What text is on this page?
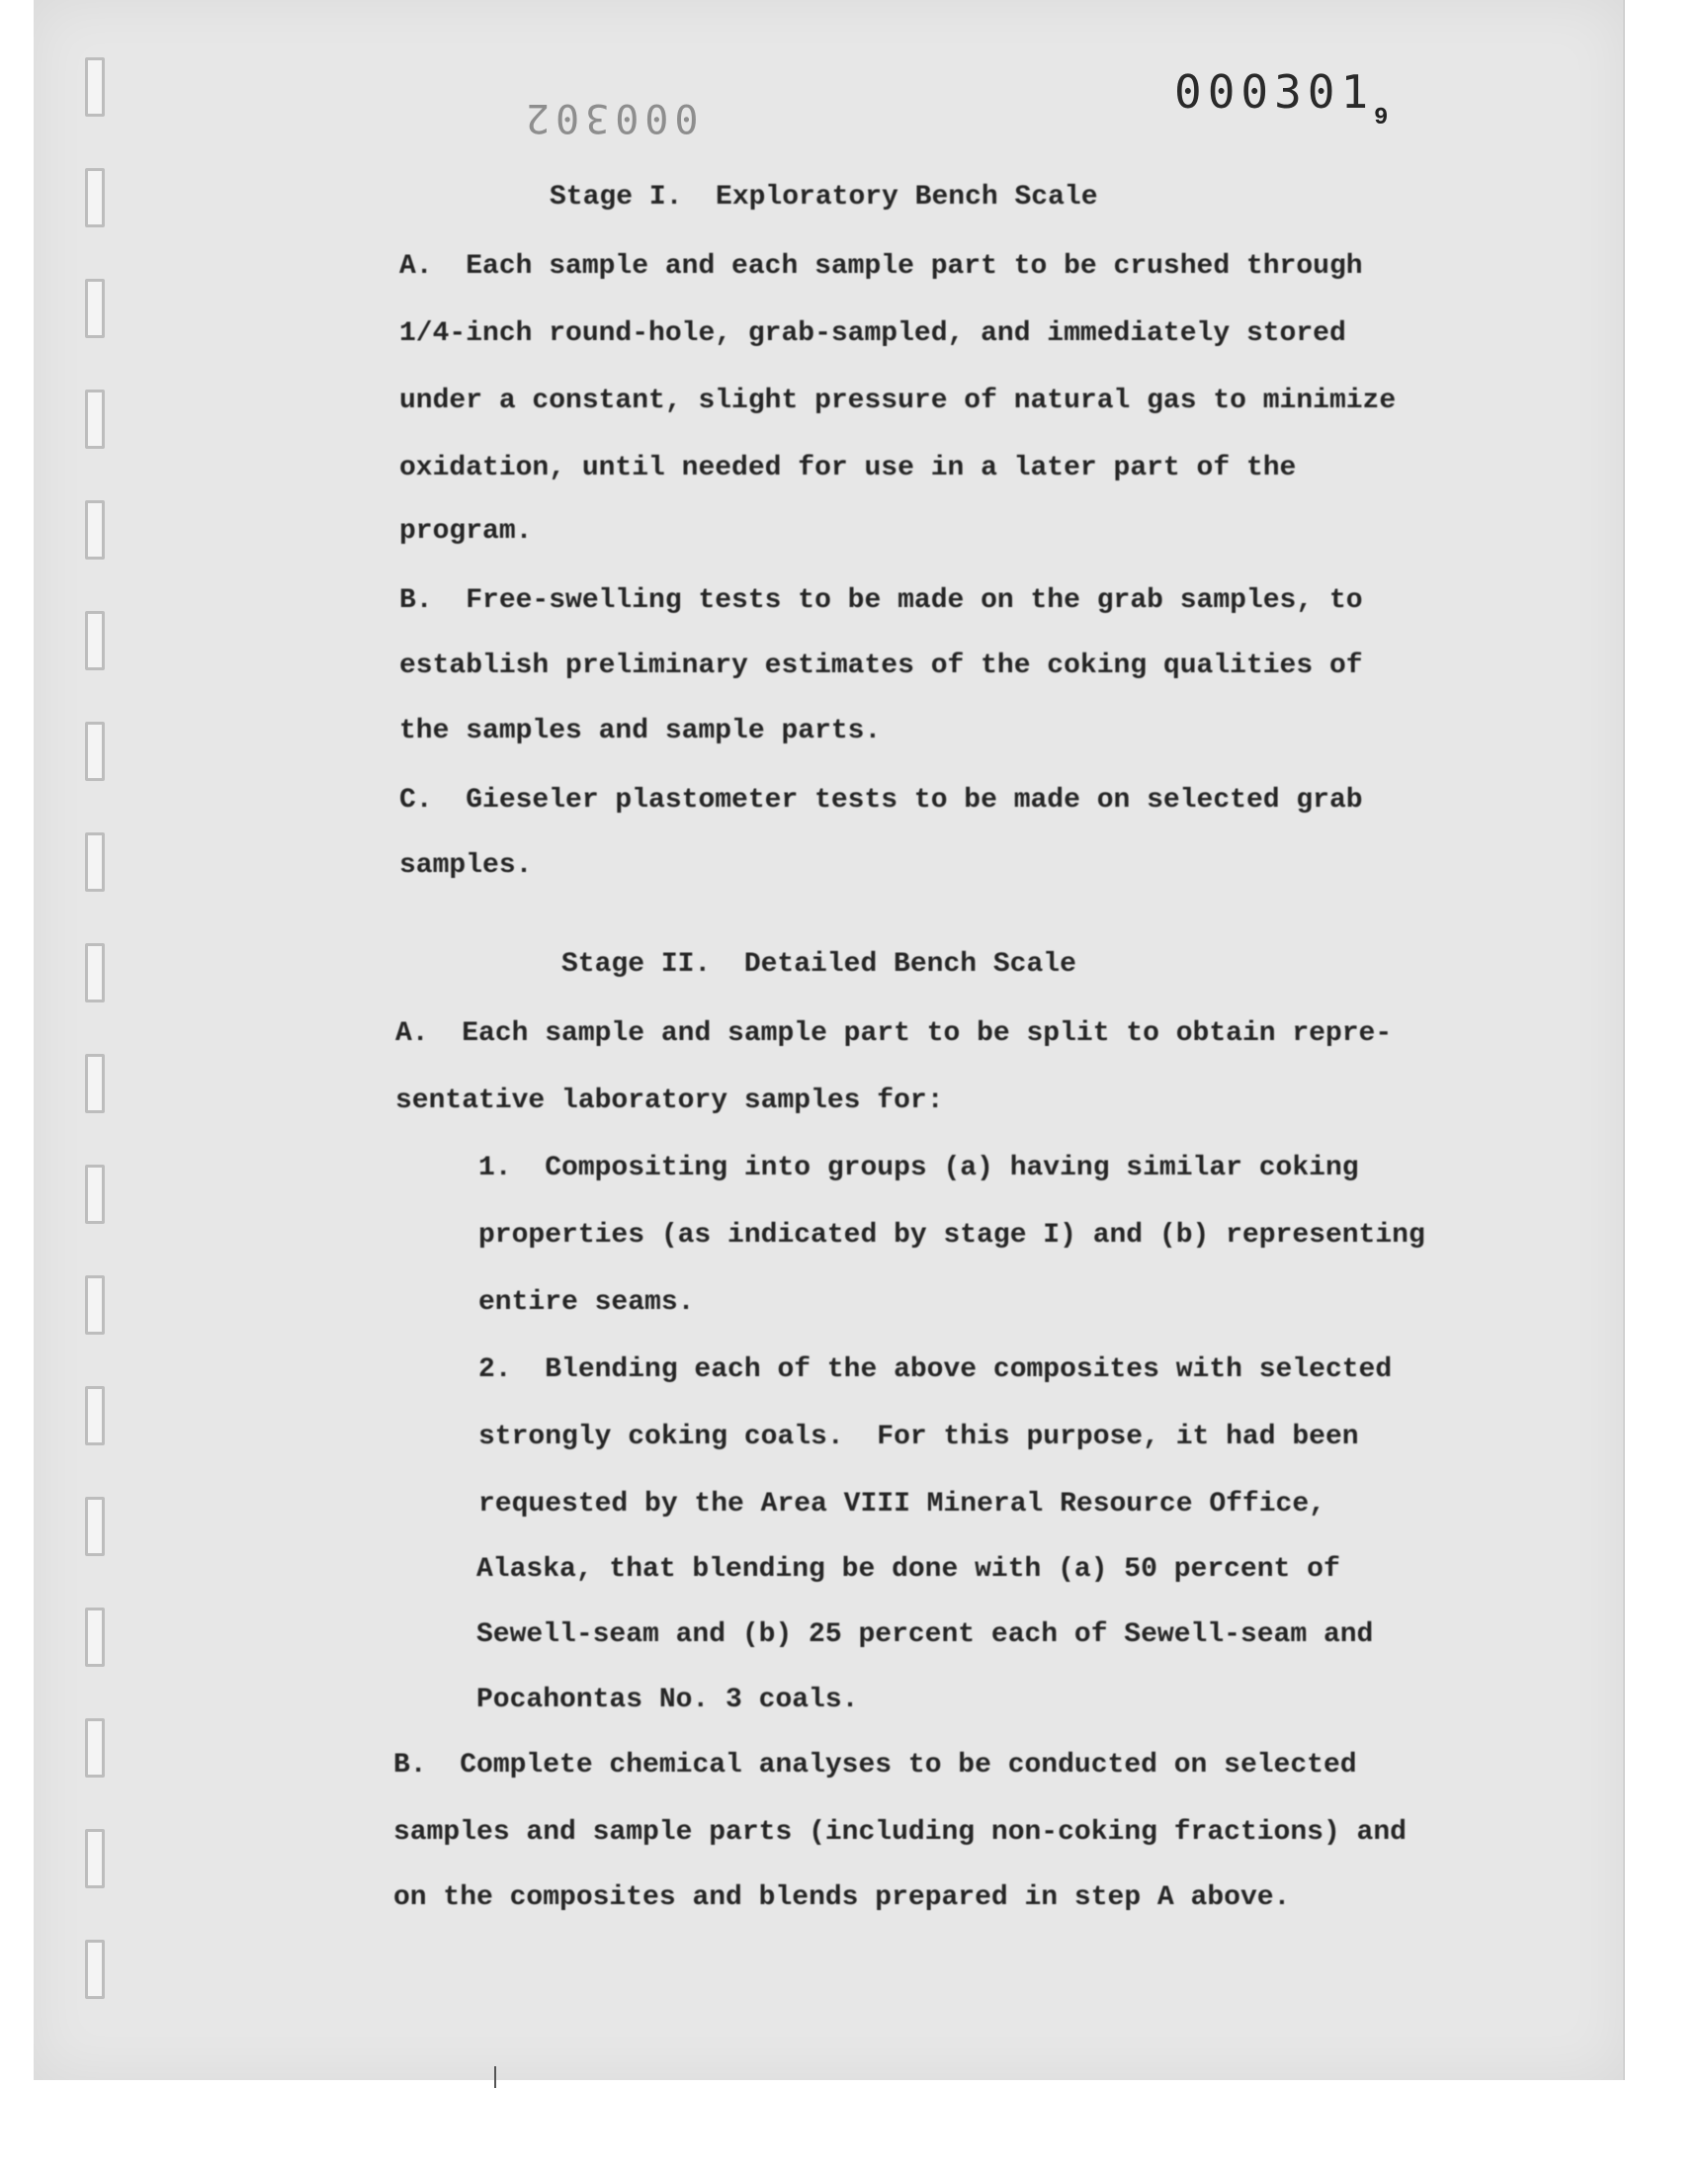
000302	000301 9
Stage I.  Exploratory Bench Scale
A.  Each sample and each sample part to be crushed through
1/4-inch round-hole, grab-sampled, and immediately stored
under a constant, slight pressure of natural gas to minimize
oxidation, until needed for use in a later part of the
program.
B.  Free-swelling tests to be made on the grab samples, to
establish preliminary estimates of the coking qualities of
the samples and sample parts.
C.  Gieseler plastometer tests to be made on selected grab
samples.
Stage II.  Detailed Bench Scale
A.  Each sample and sample part to be split to obtain repre-
sentative laboratory samples for:
1.  Compositing into groups (a) having similar coking
properties (as indicated by stage I) and (b) representing
entire seams.
2.  Blending each of the above composites with selected
strongly coking coals.  For this purpose, it had been
requested by the Area VIII Mineral Resource Office,
Alaska, that blending be done with (a) 50 percent of
Sewell-seam and (b) 25 percent each of Sewell-seam and
Pocahontas No. 3 coals.
B.  Complete chemical analyses to be conducted on selected
samples and sample parts (including non-coking fractions) and
on the composites and blends prepared in step A above.
